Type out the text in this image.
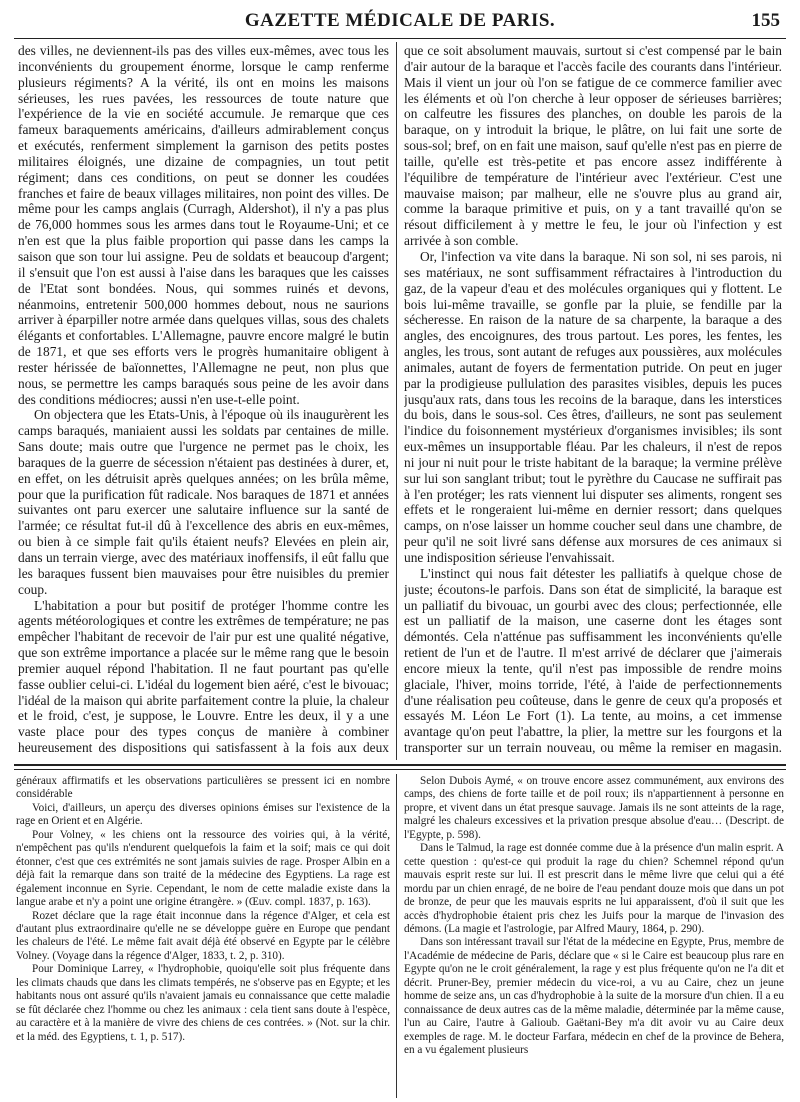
GAZETTE MÉDICALE DE PARIS.	155

des villes, ne deviennent-ils pas des villes eux-mêmes, avec tous les inconvénients du groupement énorme, lorsque le camp renferme plusieurs régiments? A la vérité, ils ont en moins les maisons sérieuses, les rues pavées, les ressources de toute nature que l'expérience de la vie en société accumule. Je remarque que ces fameux baraquements américains, d'ailleurs admirablement conçus et exécutés, renferment simplement la garnison des petits postes militaires éloignés, une dizaine de compagnies, un tout petit régiment; dans ces conditions, on peut se donner les coudées franches et faire de beaux villages militaires, non point des villes. De même pour les camps anglais (Curragh, Aldershot), il n'y a pas plus de 76,000 hommes sous les armes dans tout le Royaume-Uni; et ce n'en est que la plus faible proportion qui passe dans les camps la saison que son tour lui assigne. Peu de soldats et beaucoup d'argent; il s'ensuit que l'on est aussi à l'aise dans les baraques que les caisses de l'Etat sont bondées. Nous, qui sommes ruinés et devons, néanmoins, entretenir 500,000 hommes debout, nous ne saurions arriver à éparpiller notre armée dans quelques villas, sous des chalets élégants et confortables. L'Allemagne, pauvre encore malgré le butin de 1871, et que ses efforts vers le progrès humanitaire obligent à rester hérissée de baïonnettes, l'Allemagne ne peut, non plus que nous, se permettre les camps baraqués sous peine de les avoir dans des conditions médiocres; aussi n'en use-t-elle point.

On objectera que les Etats-Unis, à l'époque où ils inaugurèrent les camps baraqués, maniaient aussi les soldats par centaines de mille. Sans doute; mais outre que l'urgence ne permet pas le choix, les baraques de la guerre de sécession n'étaient pas destinées à durer, et, en effet, on les détruisit après quelques années; on les brûla même, pour que la purification fût radicale. Nos baraques de 1871 et années suivantes ont paru exercer une salutaire influence sur la santé de l'armée; ce résultat fut-il dû à l'excellence des abris en eux-mêmes, ou bien à ce simple fait qu'ils étaient neufs? Elevées en plein air, dans un terrain vierge, avec des matériaux inoffensifs, il eût fallu que les baraques fussent bien mauvaises pour être nuisibles du premier coup.

L'habitation a pour but positif de protéger l'homme contre les agents météorologiques et contre les extrêmes de température; ne pas empêcher l'habitant de recevoir de l'air pur est une qualité négative, que son extrême importance a placée sur le même rang que le besoin premier auquel répond l'habitation. Il ne faut pourtant pas qu'elle fasse oublier celui-ci. L'idéal du logement bien aéré, c'est le bivouac; l'idéal de la maison qui abrite parfaitement contre la pluie, la chaleur et le froid, c'est, je suppose, le Louvre. Entre les deux, il y a une vaste place pour des types conçus de manière à combiner heureusement des dispositions qui satisfassent à la fois aux deux

que ce soit absolument mauvais, surtout si c'est compensé par le bain d'air autour de la baraque et l'accès facile des courants dans l'intérieur. Mais il vient un jour où l'on se fatigue de ce commerce familier avec les éléments et où l'on cherche à leur opposer de sérieuses barrières; on calfeutre les fissures des planches, on double les parois de la baraque, on y introduit la brique, le plâtre, on lui fait une sorte de sous-sol; bref, on en fait une maison, sauf qu'elle n'est pas en pierre de taille, qu'elle est très-petite et pas encore assez indifférente à l'équilibre de température de l'intérieur avec l'extérieur. C'est une mauvaise maison; par malheur, elle ne s'ouvre plus au grand air, comme la baraque primitive et puis, on y a tant travaillé qu'on se résout difficilement à y mettre le feu, le jour où l'infection y est arrivée à son comble.

Or, l'infection va vite dans la baraque. Ni son sol, ni ses parois, ni ses matériaux, ne sont suffisamment réfractaires à l'introduction du gaz, de la vapeur d'eau et des molécules organiques qui y flottent. Le bois lui-même travaille, se gonfle par la pluie, se fendille par la sécheresse. En raison de la nature de sa charpente, la baraque a des angles, des encoignures, des trous partout. Les pores, les fentes, les angles, les trous, sont autant de refuges aux poussières, aux molécules animales, autant de foyers de fermentation putride. On peut en juger par la prodigieuse pullulation des parasites visibles, depuis les puces jusqu'aux rats, dans tous les recoins de la baraque, dans les interstices du bois, dans le sous-sol. Ces êtres, d'ailleurs, ne sont pas seulement l'indice du foisonnement mystérieux d'organismes invisibles; ils sont eux-mêmes un insupportable fléau. Par les chaleurs, il n'est de repos ni jour ni nuit pour le triste habitant de la baraque; la vermine prélève sur lui son sanglant tribut; tout le pyrèthre du Caucase ne suffirait pas à l'en protéger; les rats viennent lui disputer ses aliments, rongent ses effets et le rongeraient lui-même en dernier ressort; dans quelques camps, on n'ose laisser un homme coucher seul dans une chambre, de peur qu'il ne soit livré sans défense aux morsures de ces animaux si une indisposition sérieuse l'envahissait.

L'instinct qui nous fait détester les palliatifs à quelque chose de juste; écoutons-le parfois. Dans son état de simplicité, la baraque est un palliatif du bivouac, un gourbi avec des clous; perfectionnée, elle est un palliatif de la maison, une caserne dont les étages sont démontés. Cela n'atténue pas suffisamment les inconvénients qu'elle retient de l'un et de l'autre. Il m'est arrivé de déclarer que j'aimerais encore mieux la tente, qu'il n'est pas impossible de rendre moins glaciale, l'hiver, moins torride, l'été, à l'aide de perfectionnements d'une réalisation peu coûteuse, dans le genre de ceux qu'a proposés et essayés M. Léon Le Fort (1). La tente, au moins, a cet immense avantage qu'on peut l'abattre, la plier, la mettre sur les fourgons et la transporter sur un terrain nouveau, ou même la remiser en magasin.

généraux affirmatifs et les observations particulières se pressent ici en nombre considérable

Voici, d'ailleurs, un aperçu des diverses opinions émises sur l'existence de la rage en Orient et en Algérie.

Pour Volney, « les chiens ont la ressource des voiries qui, à la vérité, n'empêchent pas qu'ils n'endurent quelquefois la faim et la soif; mais ce qui doit étonner, c'est que ces extrémités ne sont jamais suivies de rage. Prosper Albin en a déjà fait la remarque dans son traité de la médecine des Egyptiens. La rage est également inconnue en Syrie. Cependant, le nom de cette maladie existe dans la langue arabe et n'y a point une origine étrangère. » (Œuv. compl. 1837, p. 163).

Rozet déclare que la rage était inconnue dans la régence d'Alger, et cela est d'autant plus extraordinaire qu'elle ne se développe guère en Europe que pendant les chaleurs de l'été. Le même fait avait déjà été observé en Egypte par le célèbre Volney. (Voyage dans la régence d'Alger, 1833, t. 2, p. 310).

Pour Dominique Larrey, « l'hydrophobie, quoiqu'elle soit plus fréquente dans les climats chauds que dans les climats tempérés, ne s'observe pas en Egypte; et les habitants nous ont assuré qu'ils n'avaient jamais eu connaissance que cette maladie se fût déclarée chez l'homme ou chez les animaux : cela tient sans doute à l'espèce, au caractère et à la manière de vivre des chiens de ces contrées. » (Not. sur la chir. et la méd. des Egyptiens, t. 1, p. 517).

Selon Dubois Aymé, « on trouve encore assez communément, aux environs des camps, des chiens de forte taille et de poil roux; ils n'appartiennent à personne en propre, et vivent dans un état presque sauvage. Jamais ils ne sont atteints de la rage, malgré les chaleurs excessives et la privation presque absolue d'eau… (Descript. de l'Egypte, p. 598).

Dans le Talmud, la rage est donnée comme due à la présence d'un malin esprit. A cette question : qu'est-ce qui produit la rage du chien? Schemnel répond qu'un mauvais esprit reste sur lui. Il est prescrit dans le même livre que celui qui a été mordu par un chien enragé, de ne boire de l'eau pendant douze mois que dans un pot de bronze, de peur que les mauvais esprits ne lui apparaissent, d'où il suit que les accès d'hydrophobie étaient pris chez les Juifs pour la marque de l'invasion des démons. (La magie et l'astrologie, par Alfred Maury, 1864, p. 290).

Dans son intéressant travail sur l'état de la médecine en Egypte, Prus, membre de l'Académie de médecine de Paris, déclare que « si le Caire est beaucoup plus rare en Egypte qu'on ne le croit généralement, la rage y est plus fréquente qu'on ne l'a dit et décrit. Pruner-Bey, premier médecin du vice-roi, a vu au Caire, chez un jeune homme de seize ans, un cas d'hydrophobie à la suite de la morsure d'un chien. Il a eu connaissance de deux autres cas de la même maladie, déterminée par la même cause, l'un au Caire, l'autre à Galioub. Gaëtani-Bey m'a dit avoir vu au Caire deux exemples de rage. M. le docteur Farfara, médecin en chef de la province de Behera, en a vu également plusieurs
